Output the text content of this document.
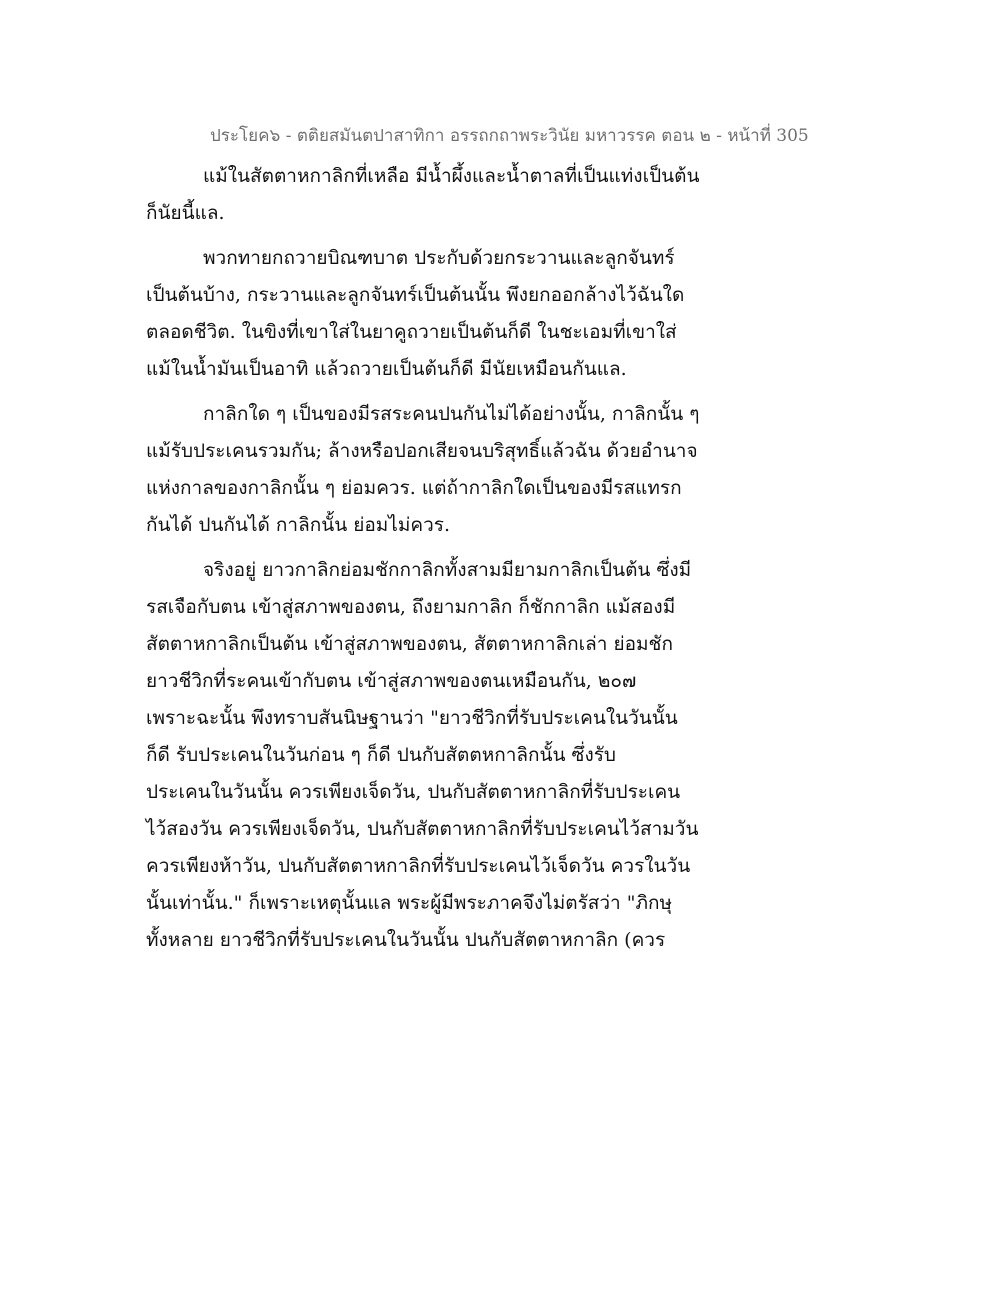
ประโยค๖ - ตติยสมันตปาสาทิกา อรรถกถาพระวินัย มหาวรรค ตอน ๒ - หน้าที่ 305
แม้ในสัตตาหกาลิกที่เหลือ มีน้ำผึ้งและน้ำตาลที่เป็นแท่งเป็นต้น
ก็นัยนี้แล.
พวกทายกถวายบิณฑบาต ประกับด้วยกระวานและลูกจันทร์
เป็นต้นบ้าง, กระวานและลูกจันทร์เป็นต้นนั้น พึงยกออกล้างไว้ฉันใด
ตลอดชีวิต. ในขิงที่เขาใส่ในยาคูถวายเป็นต้นก็ดี ในชะเอมที่เขาใส่
แม้ในน้ำมันเป็นอาทิ แล้วถวายเป็นต้นก็ดี มีนัยเหมือนกันแล.
กาลิกใด ๆ เป็นของมีรสระคนปนกันไม่ได้อย่างนั้น, กาลิกนั้น ๆ
แม้รับประเคนรวมกัน; ล้างหรือปอกเสียจนบริสุทธิ์แล้วฉัน ด้วยอำนาจ
แห่งกาลของกาลิกนั้น ๆ ย่อมควร. แต่ถ้ากาลิกใดเป็นของมีรสแทรก
กันได้ ปนกันได้ กาลิกนั้น ย่อมไม่ควร.
จริงอยู่ ยาวกาลิกย่อมชักกาลิกทั้งสามมียามกาลิกเป็นต้น ซึ่งมี
รสเจือกับตน เข้าสู่สภาพของตน, ถึงยามกาลิก ก็ชักกาลิก แม้สองมี
สัตตาหกาลิกเป็นต้น เข้าสู่สภาพของตน, สัตตาหกาลิกเล่า ย่อมชัก
ยาวชีวิกที่ระคนเข้ากับตน เข้าสู่สภาพของตนเหมือนกัน, ๒๐๗
เพราะฉะนั้น พึงทราบสันนิษฐานว่า "ยาวชีวิกที่รับประเคนในวันนั้น
ก็ดี รับประเคนในวันก่อน ๆ ก็ดี ปนกับสัตตหกาลิกนั้น ซึ่งรับ
ประเคนในวันนั้น ควรเพียงเจ็ดวัน, ปนกับสัตตาหกาลิกที่รับประเคน
ไว้สองวัน ควรเพียงเจ็ดวัน, ปนกับสัตตาหกาลิกที่รับประเคนไว้สามวัน
ควรเพียงห้าวัน, ปนกับสัตตาหกาลิกที่รับประเคนไว้เจ็ดวัน ควรในวัน
นั้นเท่านั้น." ก็เพราะเหตุนั้นแล พระผู้มีพระภาคจึงไม่ตรัสว่า "ภิกษุ
ทั้งหลาย ยาวชีวิกที่รับประเคนในวันนั้น ปนกับสัตตาหกาลิก (ควร
